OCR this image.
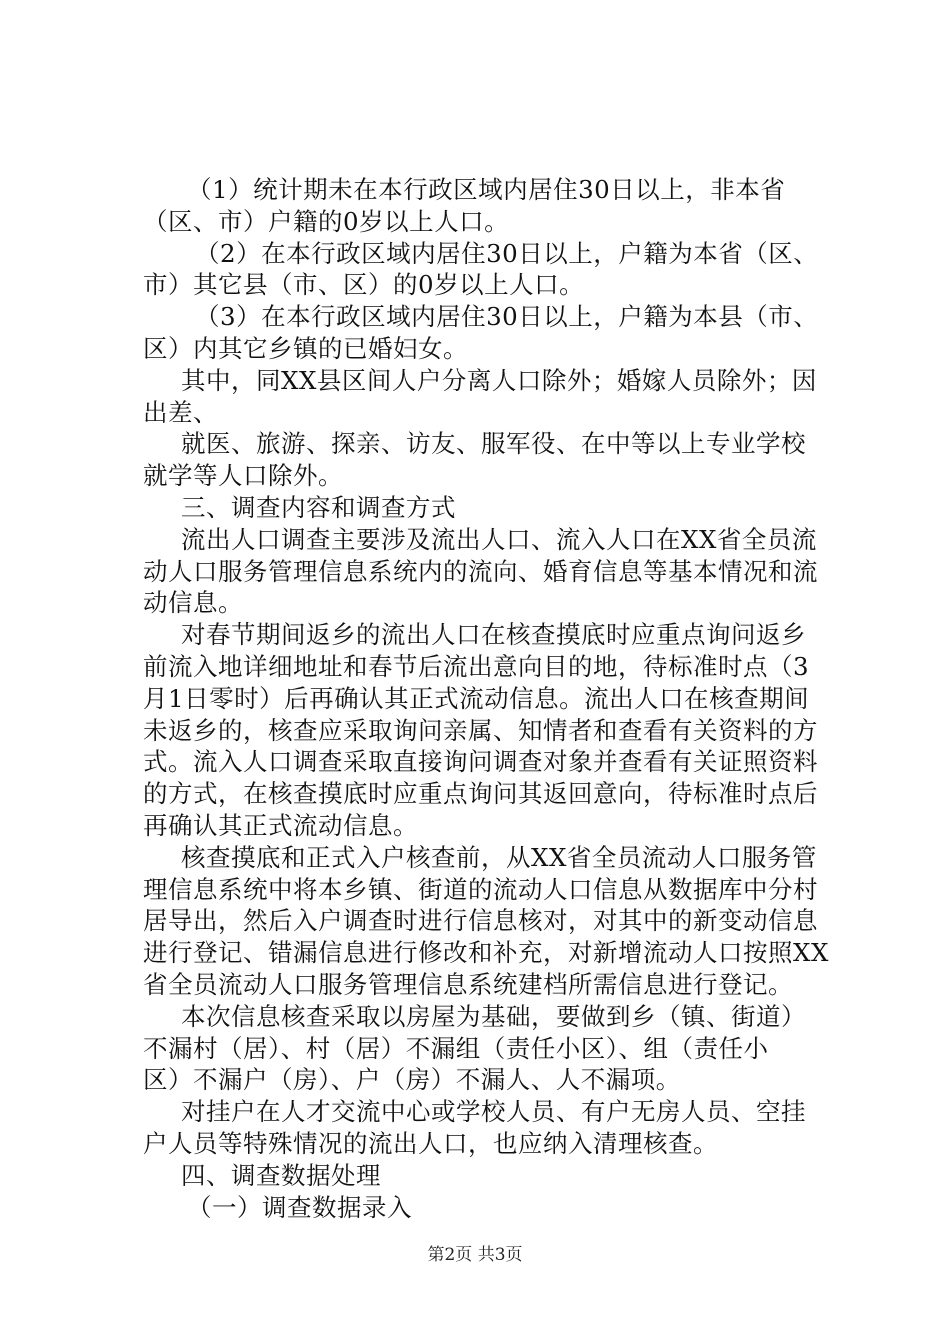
（1）统计期未在本行政区域内居住30日以上，非本省
（区、市）户籍的0岁以上人口。
（2）在本行政区域内居住30日以上，户籍为本省（区、
市）其它县（市、区）的0岁以上人口。
（3）在本行政区域内居住30日以上，户籍为本县（市、
区）内其它乡镇的已婚妇女。
其中，同XX县区间人户分离人口除外；婚嫁人员除外；因
出差、
就医、旅游、探亲、访友、服军役、在中等以上专业学校
就学等人口除外。
三、调查内容和调查方式
流出人口调查主要涉及流出人口、流入人口在XX省全员流
动人口服务管理信息系统内的流向、婚育信息等基本情况和流
动信息。
对春节期间返乡的流出人口在核查摸底时应重点询问返乡
前流入地详细地址和春节后流出意向目的地，待标准时点（3
月1日零时）后再确认其正式流动信息。流出人口在核查期间
未返乡的，核查应采取询问亲属、知情者和查看有关资料的方
式。流入人口调查采取直接询问调查对象并查看有关证照资料
的方式，在核查摸底时应重点询问其返回意向，待标准时点后
再确认其正式流动信息。
核查摸底和正式入户核查前，从XX省全员流动人口服务管
理信息系统中将本乡镇、街道的流动人口信息从数据库中分村
居导出，然后入户调查时进行信息核对，对其中的新变动信息
进行登记、错漏信息进行修改和补充，对新增流动人口按照XX
省全员流动人口服务管理信息系统建档所需信息进行登记。
本次信息核查采取以房屋为基础，要做到乡（镇、街道）
不漏村（居）、村（居）不漏组（责任小区）、组（责任小
区）不漏户（房）、户（房）不漏人、人不漏项。
对挂户在人才交流中心或学校人员、有户无房人员、空挂
户人员等特殊情况的流出人口，也应纳入清理核查。
四、调查数据处理
（一）调查数据录入
第2页 共3页
